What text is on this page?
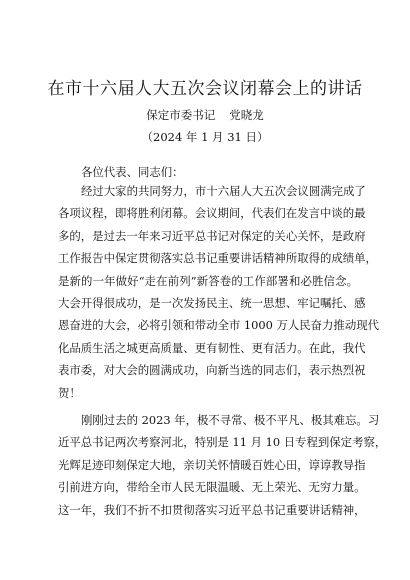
在市十六届人大五次会议闭幕会上的讲话
保定市委书记 党晓龙
（2024 年 1 月 31 日）
各位代表、同志们：
经过大家的共同努力，市十六届人大五次会议圆满完成了
各项议程，即将胜利闭幕。会议期间，代表们在发言中谈的最
多的，是过去一年来习近平总书记对保定的关心关怀，是政府
工作报告中保定贯彻落实总书记重要讲话精神所取得的成绩单，
是新的一年做好“走在前列”新答卷的工作部署和必胜信念。
大会开得很成功，是一次发扬民主、统一思想、牢记嘱托、感
恩奋进的大会，必将引领和带动全市 1000 万人民奋力推动现代
化品质生活之城更高质量、更有韧性、更有活力。在此，我代
表市委，对大会的圆满成功，向新当选的同志们，表示热烈祝
贺！
刚刚过去的 2023 年，极不寻常、极不平凡、极其难忘。习
近平总书记两次考察河北，特别是 11 月 10 日专程到保定考察，
光辉足迹印刻保定大地，亲切关怀情暖百姓心田，谆谆教导指
引前进方向，带给全市人民无限温暖、无上荣光、无穷力量。
这一年，我们不折不扣贯彻落实习近平总书记重要讲话精神，
